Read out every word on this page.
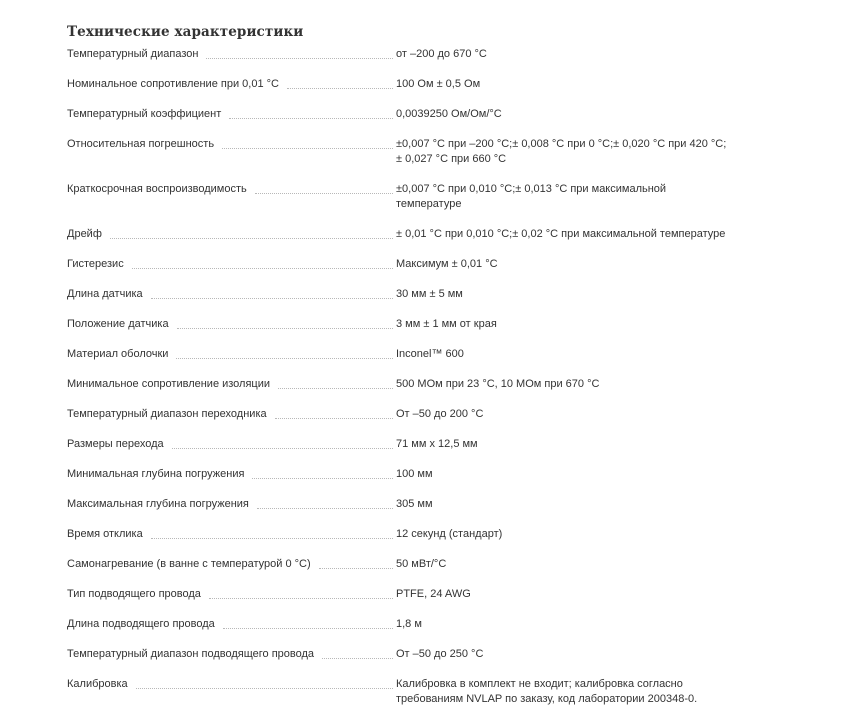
Технические характеристики
Температурный диапазон	от –200 до 670 °C
Номинальное сопротивление при 0,01 °C	100 Ом ± 0,5 Ом
Температурный коэффициент	0,0039250 Ом/Ом/°C
Относительная погрешность	±0,007 °C при –200 °C;± 0,008 °C при 0 °C;± 0,020 °C при 420 °C;
± 0,027 °C при 660 °C
Краткосрочная воспроизводимость	±0,007 °C при 0,010 °C;± 0,013 °C при максимальной
температуре
Дрейф	± 0,01 °C при 0,010 °C;± 0,02 °C при максимальной температуре
Гистерезис	Максимум ± 0,01 °C
Длина датчика	30 мм ± 5 мм
Положение датчика	3 мм ± 1 мм от края
Материал оболочки	Inconel™ 600
Минимальное сопротивление изоляции	500 МОм при 23 °C, 10 МОм при 670 °C
Температурный диапазон переходника	От –50 до 200 °C
Размеры перехода	71 мм x 12,5 мм
Минимальная глубина погружения	100 мм
Максимальная глубина погружения	305 мм
Время отклика	12 секунд (стандарт)
Самонагревание (в ванне с температурой 0 °C)	50 мВт/°C
Тип подводящего провода	PTFE, 24 AWG
Длина подводящего провода	1,8 м
Температурный диапазон подводящего провода	От –50 до 250 °C
Калибровка	Калибровка в комплект не входит; калибровка согласно
требованиям NVLAP по заказу, код лаборатории 200348-0.
